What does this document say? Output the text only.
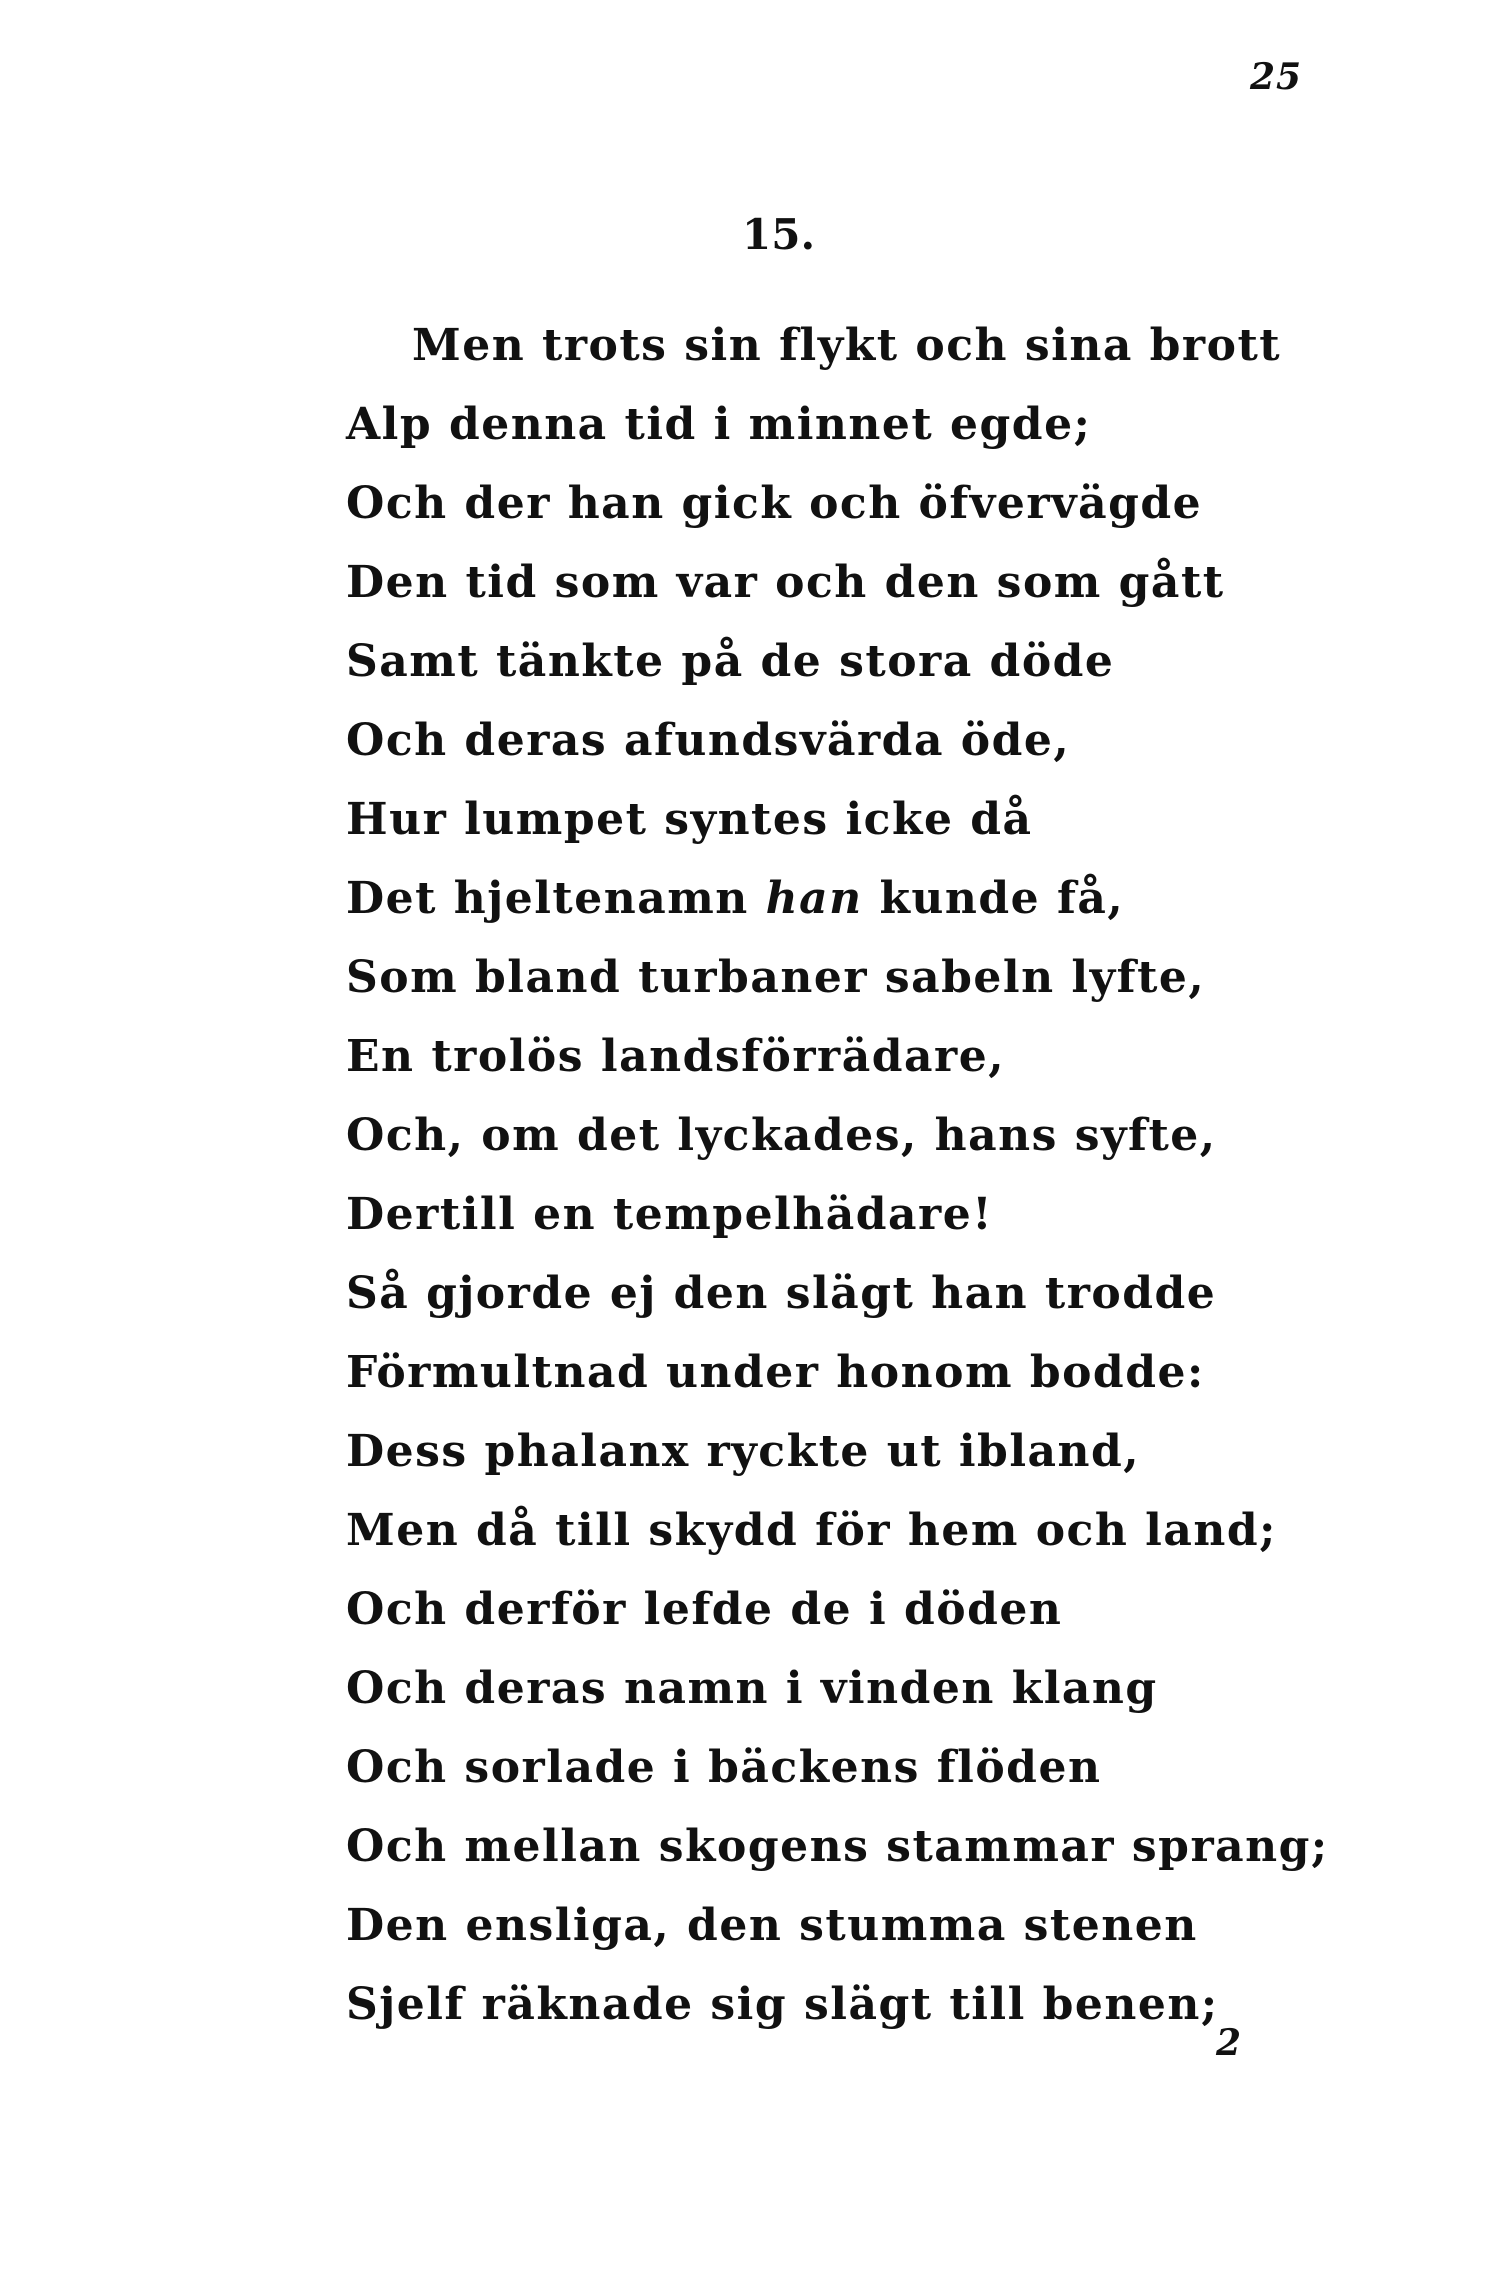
25
15.
Men trots sin flykt och sina brott
Alp denna tid i minnet egde;
Och der han gick och öfvervägde
Den tid som var och den som gått
Samt tänkte på de stora döde
Och deras afundsvärda öde,
Hur lumpet syntes icke då
Det hjeltenamn han kunde få,
Som bland turbaner sabeln lyfte,
En trolös landsförrädare,
Och, om det lyckades, hans syfte,
Dertill en tempelhädare!
Så gjorde ej den slägt han trodde
Förmultnad under honom bodde:
Dess phalanx ryckte ut ibland,
Men då till skydd för hem och land;
Och derför lefde de i döden
Och deras namn i vinden klang
Och sorlade i bäckens flöden
Och mellan skogens stammar sprang;
Den ensliga, den stumma stenen
Sjelf räknade sig slägt till benen;
2
